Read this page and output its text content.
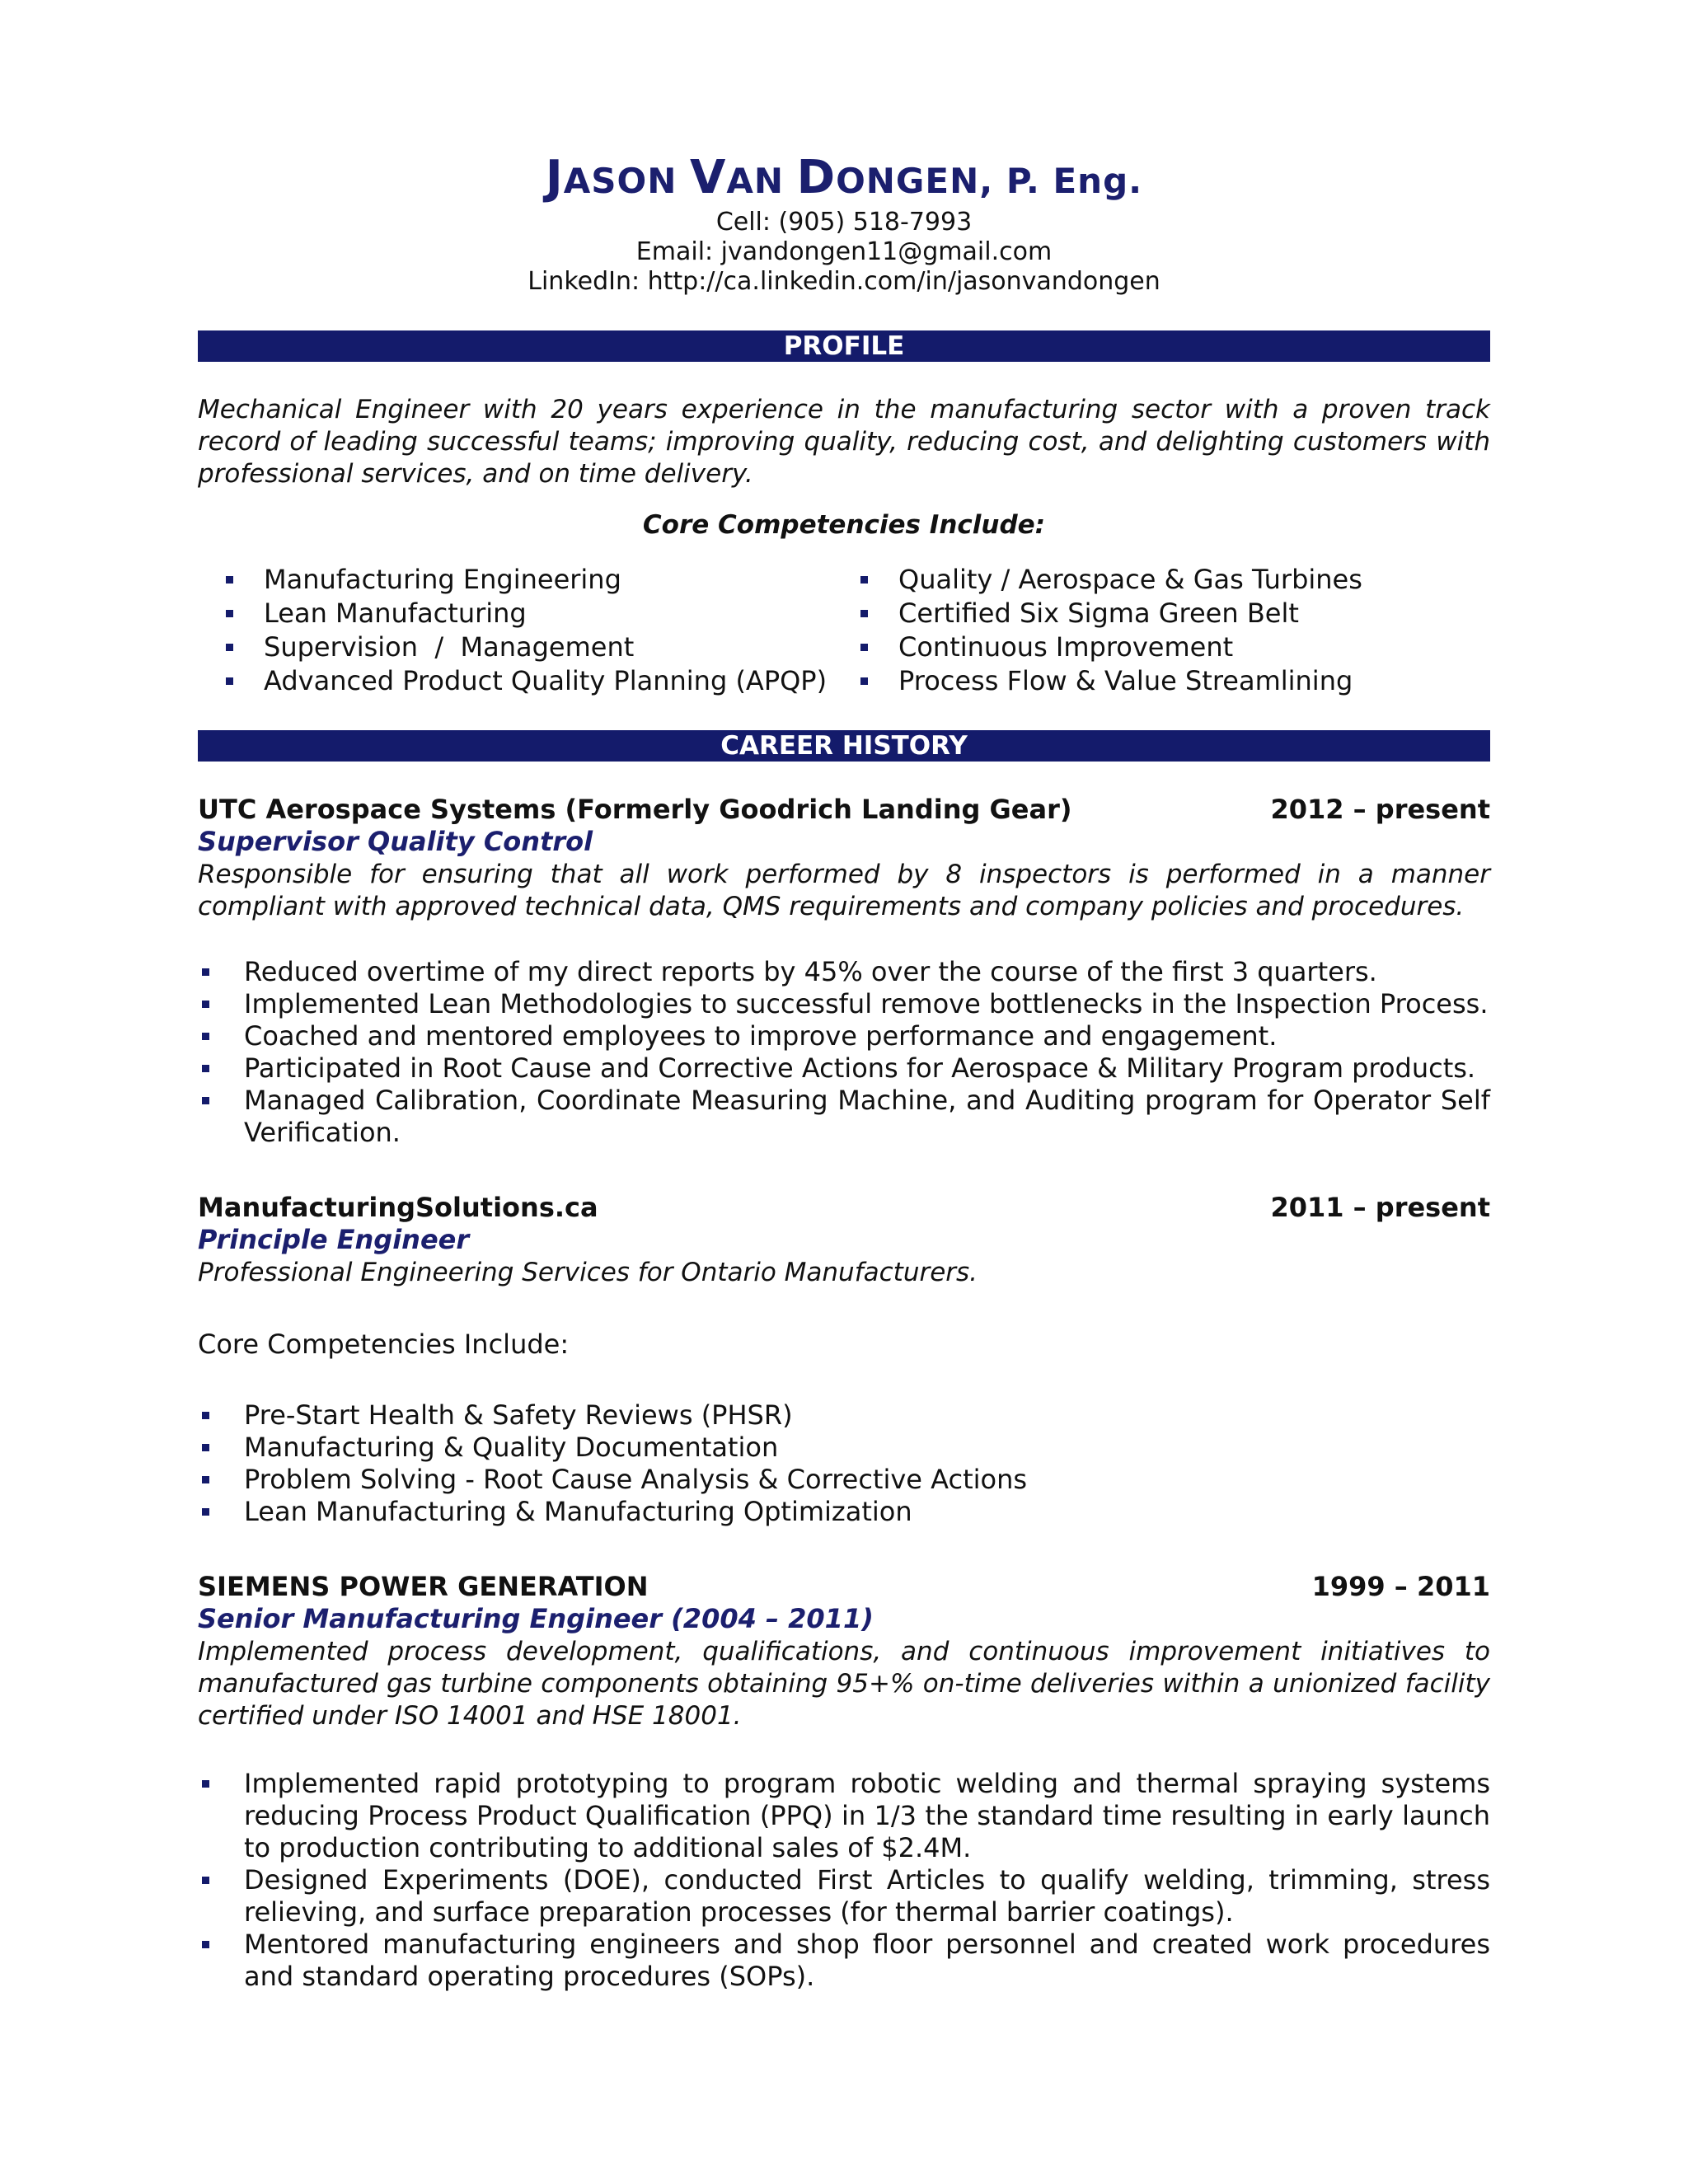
JASON VAN DONGEN, P. Eng.
Cell: (905) 518-7993
Email: jvandongen11@gmail.com
LinkedIn: http://ca.linkedin.com/in/jasonvandongen
PROFILE
Mechanical Engineer with 20 years experience in the manufacturing sector with a proven track record of leading successful teams; improving quality, reducing cost, and delighting customers with professional services, and on time delivery.
Core Competencies Include:
Manufacturing Engineering
Lean Manufacturing
Supervision  /  Management
Advanced Product Quality Planning (APQP)
Quality / Aerospace & Gas Turbines
Certified Six Sigma Green Belt
Continuous Improvement
Process Flow & Value Streamlining
CAREER HISTORY
UTC Aerospace Systems (Formerly Goodrich Landing Gear)	2012 – present
Supervisor Quality Control
Responsible for ensuring that all work performed by 8 inspectors is performed in a manner compliant with approved technical data, QMS requirements and company policies and procedures.
Reduced overtime of my direct reports by 45% over the course of the first 3 quarters.
Implemented Lean Methodologies to successful remove bottlenecks in the Inspection Process.
Coached and mentored employees to improve performance and engagement.
Participated in Root Cause and Corrective Actions for Aerospace & Military Program products.
Managed Calibration, Coordinate Measuring Machine, and Auditing program for Operator Self Verification.
ManufacturingSolutions.ca	2011 – present
Principle Engineer
Professional Engineering Services for Ontario Manufacturers.
Core Competencies Include:
Pre-Start Health & Safety Reviews (PHSR)
Manufacturing & Quality Documentation
Problem Solving - Root Cause Analysis & Corrective Actions
Lean Manufacturing & Manufacturing Optimization
SIEMENS POWER GENERATION	1999 – 2011
Senior Manufacturing Engineer (2004 – 2011)
Implemented process development, qualifications, and continuous improvement initiatives to manufactured gas turbine components obtaining 95+% on-time deliveries within a unionized facility certified under ISO 14001 and HSE 18001.
Implemented rapid prototyping to program robotic welding and thermal spraying systems reducing Process Product Qualification (PPQ) in 1/3 the standard time resulting in early launch to production contributing to additional sales of $2.4M.
Designed Experiments (DOE), conducted First Articles to qualify welding, trimming, stress relieving, and surface preparation processes (for thermal barrier coatings).
Mentored manufacturing engineers and shop floor personnel and created work procedures and standard operating procedures (SOPs).
